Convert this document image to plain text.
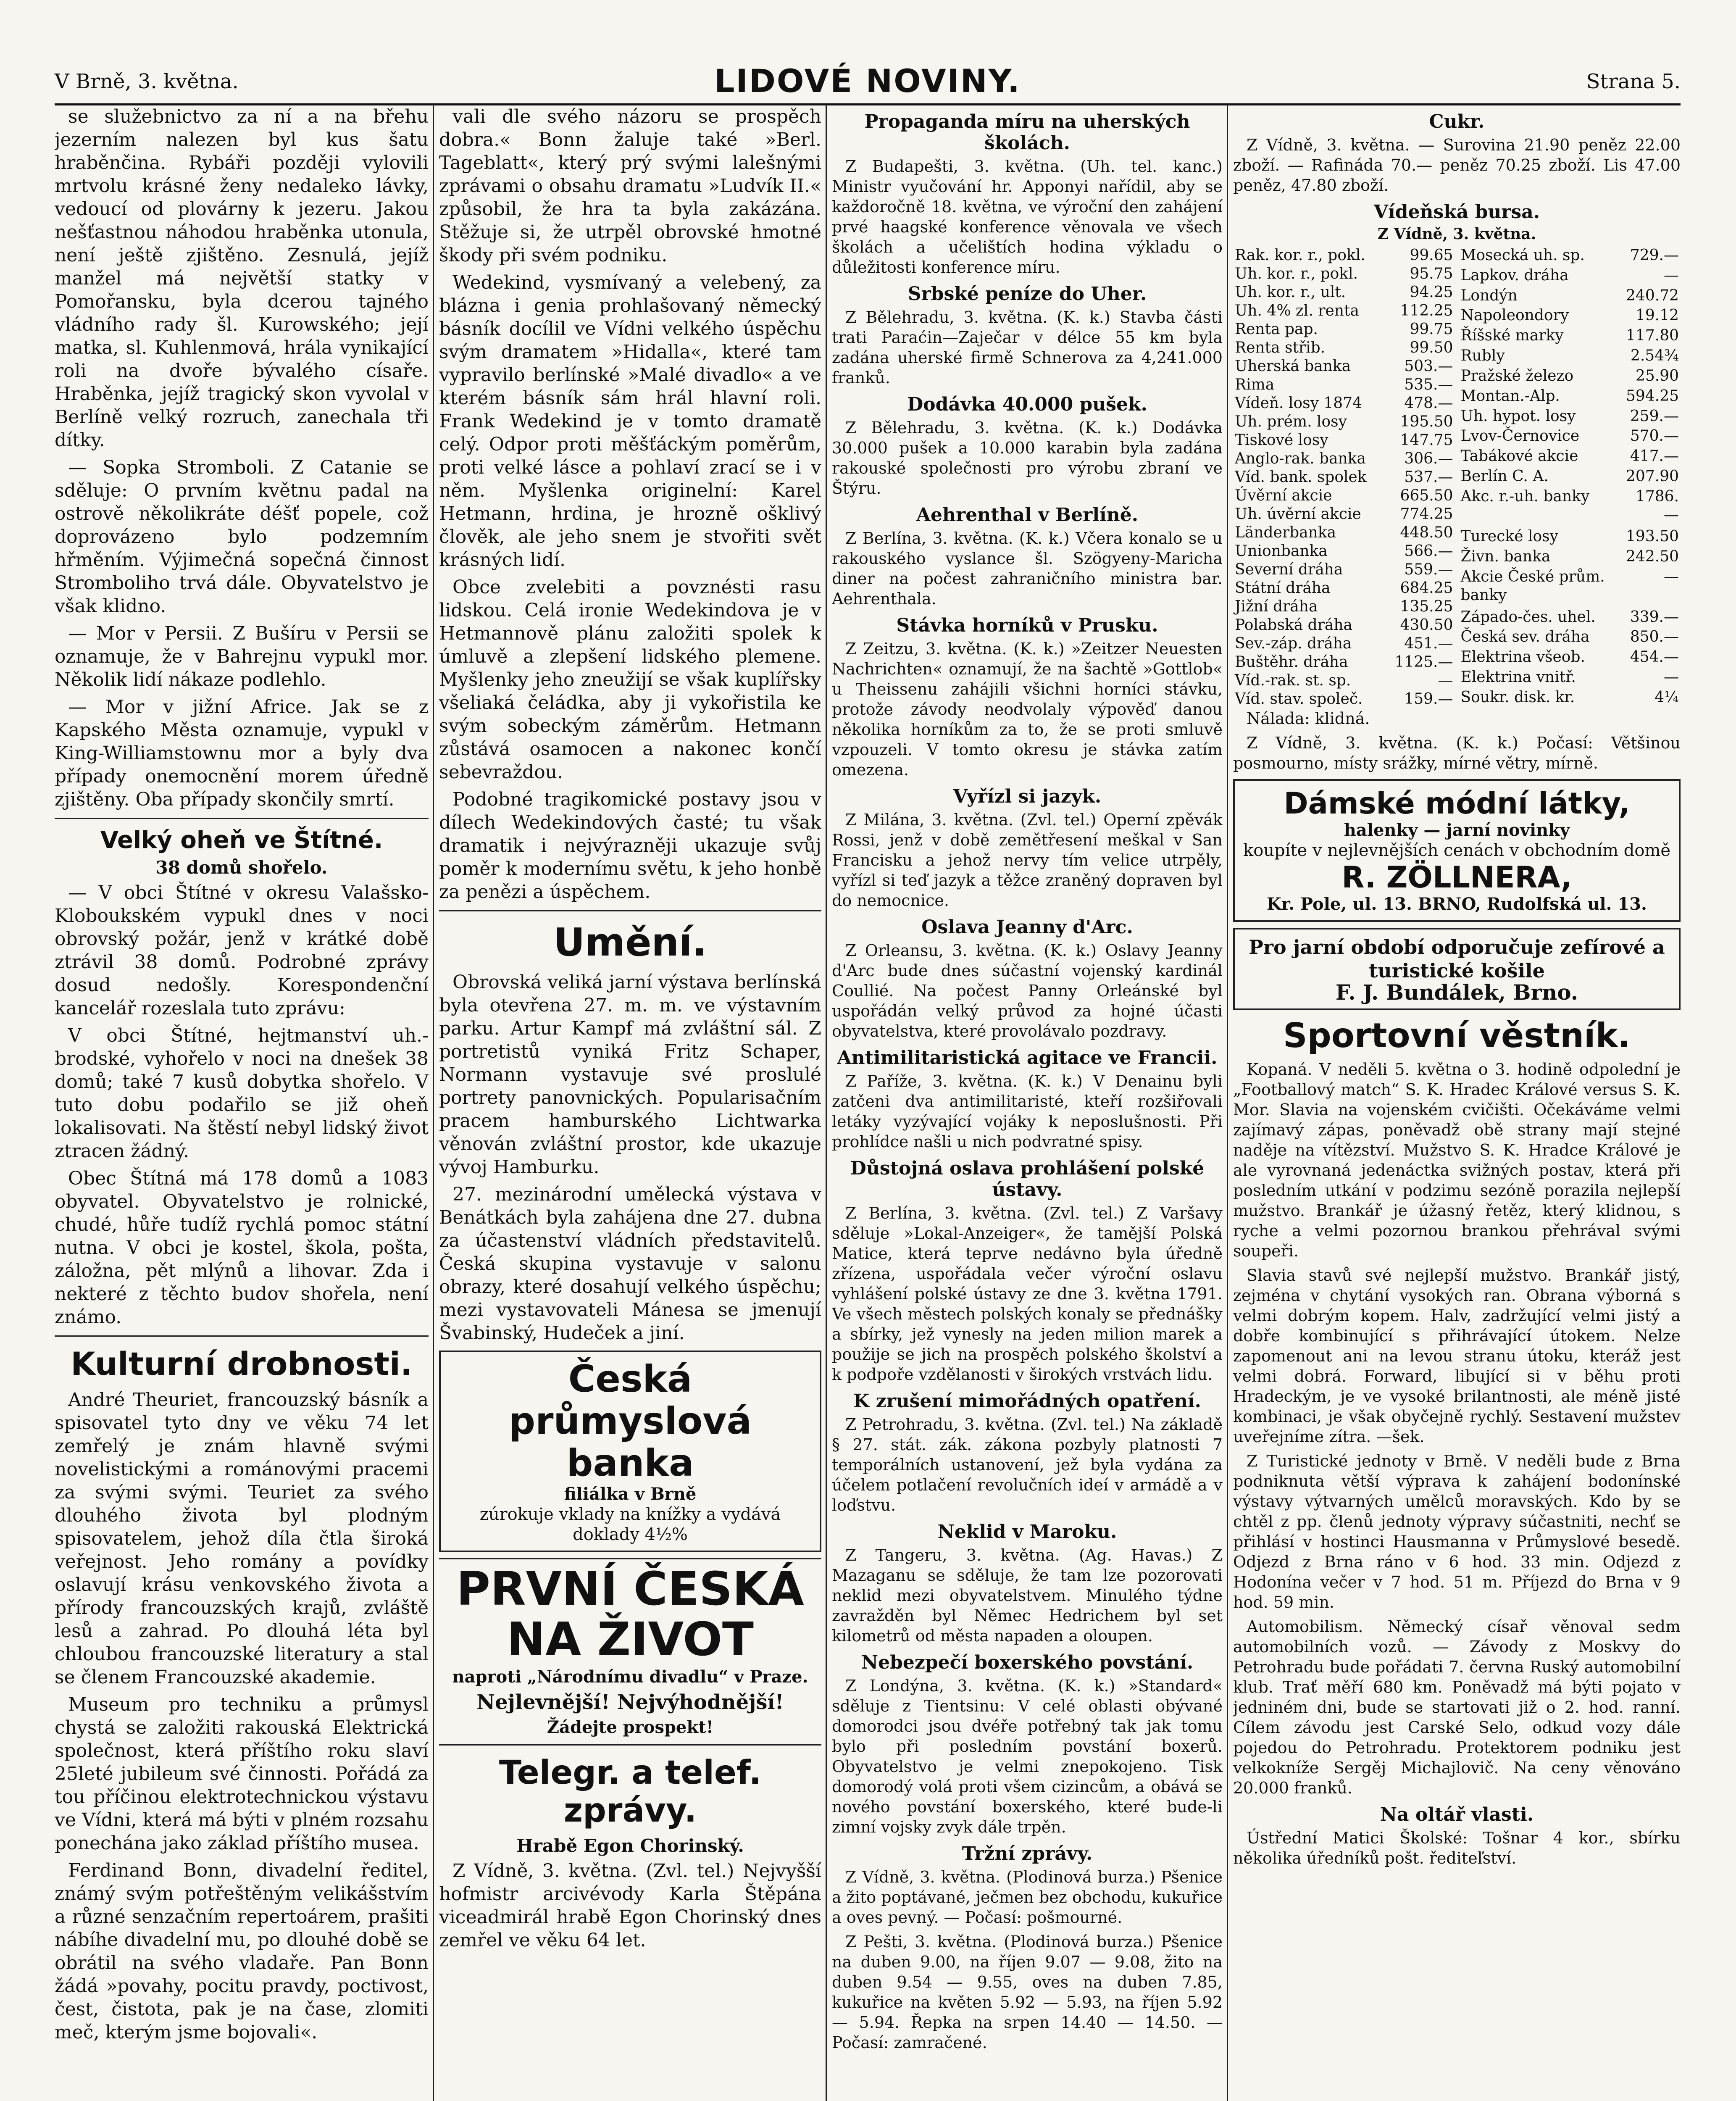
V Brně, 3. května.	LIDOVÉ NOVINY.	Strana 5.

se služebnictvo za ní a na břehu jezerním nalezen byl kus šatu hraběnčina. Rybáři později vylovili mrtvolu krásné ženy nedaleko lávky, vedoucí od plovárny k jezeru. Jakou nešťastnou náhodou hraběnka utonula, není ještě zjištěno. Zesnulá, jejíž manžel má největší statky v Pomořansku, byla dcerou tajného vládního rady šl. Kurowského; její matka, sl. Kuhlenmová, hrála vynikající roli na dvoře bývalého císaře. Hraběnka, jejíž tragický skon vyvolal v Berlíně velký rozruch, zanechala tři dítky.

— Sopka Stromboli. Z Catanie se sděluje: O prvním květnu padal na ostrově několikráte déšť popele, což doprovázeno bylo podzemním hřměním. Výjimečná sopečná činnost Stromboliho trvá dále. Obyvatelstvo je však klidno.

— Mor v Persii. Z Bušíru v Persii se oznamuje, že v Bahrejnu vypukl mor. Několik lidí nákaze podlehlo.

— Mor v jižní Africe. Jak se z Kapského Města oznamuje, vypukl v King-Williamstownu mor a byly dva případy onemocnění morem úředně zjištěny. Oba případy skončily smrtí.

Velký oheň ve Štítné.
38 domů shořelo.

— V obci Štítné v okresu Valašsko-Kloboukském vypukl dnes v noci obrovský požár, jenž v krátké době ztrávil 38 domů. Podrobné zprávy dosud nedošly. Korespondenční kancelář rozeslala tuto zprávu:

V obci Štítné, hejtmanství uh.-brodské, vyhořelo v noci na dnešek 38 domů; také 7 kusů dobytka shořelo. V tuto dobu podařilo se již oheň lokalisovati. Na štěstí nebyl lidský život ztracen žádný.

Obec Štítná má 178 domů a 1083 obyvatel. Obyvatelstvo je rolnické, chudé, hůře tudíž rychlá pomoc státní nutna. V obci je kostel, škola, pošta, záložna, pět mlýnů a lihovar. Zda i nekteré z těchto budov shořela, není známo.

Kulturní drobnosti.

André Theuriet, francouzský básník a spisovatel tyto dny ve věku 74 let zemřelý je znám hlavně svými novelistickými a románovými pracemi za svými svými. Teuriet za svého dlouhého života byl plodným spisovatelem, jehož díla čtla široká veřejnost. Jeho romány a povídky oslavují krásu venkovského života a přírody francouzských krajů, zvláště lesů a zahrad. Po dlouhá léta byl chloubou francouzské literatury a stal se členem Francouzské akademie.

Museum pro techniku a průmysl chystá se založiti rakouská Elektrická společnost, která příštího roku slaví 25leté jubileum své činnosti. Pořádá za tou příčinou elektrotechnickou výstavu ve Vídni, která má býti v plném rozsahu ponechána jako základ příštího musea.

Ferdinand Bonn, divadelní ředitel, známý svým potřeštěným velikášstvím a různé senzačním repertoárem, prašiti nábíhe divadelní mu, po dlouhé době se obrátil na svého vladaře. Pan Bonn žádá »povahy, pocitu pravdy, poctivost, čest, čistota, pak je na čase, zlomiti meč, kterým jsme bojovali«.

vali dle svého názoru se prospěch dobra.« Bonn žaluje také »Berl. Tageblatt«, který prý svými lalešnými zprávami o obsahu dramatu »Ludvík II.« způsobil, že hra ta byla zakázána. Stěžuje si, že utrpěl obrovské hmotné škody při svém podniku.

Wedekind, vysmívaný a velebený, za blázna i genia prohlašovaný německý básník docílil ve Vídni velkého úspěchu svým dramatem »Hidalla«, které tam vypravilo berlínské »Malé divadlo« a ve kterém básník sám hrál hlavní roli. Frank Wedekind je v tomto dramatě celý. Odpor proti měšťáckým poměrům, proti velké lásce a pohlaví zrací se i v něm. Myšlenka originelní: Karel Hetmann, hrdina, je hrozně ošklivý člověk, ale jeho snem je stvořiti svět krásných lidí.

Obce zvelebiti a povznésti rasu lidskou. Celá ironie Wedekindova je v Hetmannově plánu založiti spolek k úmluvě a zlepšení lidského plemene. Myšlenky jeho zneužijí se však kuplířsky všeliaká čeládka, aby ji vykořistila ke svým sobeckým záměrům. Hetmann zůstává osamocen a nakonec končí sebevraždou.

Podobné tragikomické postavy jsou v dílech Wedekindových časté; tu však dramatik i nejvýrazněji ukazuje svůj poměr k modernímu světu, k jeho honbě za penězi a úspěchem.

Umění.

Obrovská veliká jarní výstava berlínská byla otevřena 27. m. m. ve výstavním parku. Artur Kampf má zvláštní sál. Z portretistů vyniká Fritz Schaper, Normann vystavuje své proslulé portrety panovnických. Popularisačním pracem hamburského Lichtwarka věnován zvláštní prostor, kde ukazuje vývoj Hamburku.

27. mezinárodní umělecká výstava v Benátkách byla zahájena dne 27. dubna za účastenství vládních představitelů. Česká skupina vystavuje v salonu obrazy, které dosahují velkého úspěchu; mezi vystavovateli Mánesa se jmenují Švabinský, Hudeček a jiní.

Česká průmyslová banka
filiálka v Brně
zúrokuje vklady na knížky a vydává doklady 4½%
PRVNÍ ČESKÁ NA ŽIVOT
naproti „Národnímu divadlu“ v Praze.
Nejlevnější! Nejvýhodnější!
Žádejte prospekt!
Telegr. a telef. zprávy.
Hrabě Egon Chorinský.

Z Vídně, 3. května. (Zvl. tel.) Nejvyšší hofmistr arcivévody Karla Štěpána viceadmirál hrabě Egon Chorinský dnes zemřel ve věku 64 let.

Propaganda míru na uherských školách.

Z Budapešti, 3. května. (Uh. tel. kanc.) Ministr vyučování hr. Apponyi nařídil, aby se každoročně 18. května, ve výroční den zahájení prvé haagské konference věnovala ve všech školách a učelištích hodina výkladu o důležitosti konference míru.

Srbské peníze do Uher.

Z Bělehradu, 3. května. (K. k.) Stavba části trati Paraćin—Zaječar v délce 55 km byla zadána uherské firmě Schnerova za 4,241.000 franků.

Dodávka 40.000 pušek.

Z Bělehradu, 3. května. (K. k.) Dodávka 30.000 pušek a 10.000 karabin byla zadána rakouské společnosti pro výrobu zbraní ve Štýru.

Aehrenthal v Berlíně.

Z Berlína, 3. května. (K. k.) Včera konalo se u rakouského vyslance šl. Szögyeny-Maricha diner na počest zahraničního ministra bar. Aehrenthala.

Stávka horníků v Prusku.

Z Zeitzu, 3. května. (K. k.) »Zeitzer Neuesten Nachrichten« oznamují, že na šachtě »Gottlob« u Theissenu zahájili všichni horníci stávku, protože závody neodvolaly výpověď danou několika horníkům za to, že se proti smluvě vzpouzeli. V tomto okresu je stávka zatím omezena.

Vyřízl si jazyk.

Z Milána, 3. května. (Zvl. tel.) Operní zpěvák Rossi, jenž v době zemětřesení meškal v San Francisku a jehož nervy tím velice utrpěly, vyřízl si teď jazyk a těžce zraněný dopraven byl do nemocnice.

Oslava Jeanny d'Arc.

Z Orleansu, 3. května. (K. k.) Oslavy Jeanny d'Arc bude dnes súčastní vojenský kardinál Coullié. Na počest Panny Orleánské byl uspořádán velký průvod za hojné účasti obyvatelstva, které provolávalo pozdravy.

Antimilitaristická agitace ve Francii.

Z Paříže, 3. května. (K. k.) V Denainu byli zatčeni dva antimilitaristé, kteří rozšiřovali letáky vyzývající vojáky k neposlušnosti. Při prohlídce našli u nich podvratné spisy.

Důstojná oslava prohlášení polské ústavy.

Z Berlína, 3. května. (Zvl. tel.) Z Varšavy sděluje »Lokal-Anzeiger«, že tamější Polská Matice, která teprve nedávno byla úředně zřízena, uspořádala večer výroční oslavu vyhlášení polské ústavy ze dne 3. května 1791. Ve všech městech polských konaly se přednášky a sbírky, jež vynesly na jeden milion marek a použije se jich na prospěch polského školství a k podpoře vzdělanosti v širokých vrstvách lidu.

K zrušení mimořádných opatření.

Z Petrohradu, 3. května. (Zvl. tel.) Na základě § 27. stát. zák. zákona pozbyly platnosti 7 temporálních ustanovení, jež byla vydána za účelem potlačení revolučních ideí v armádě a v loďstvu.

Neklid v Maroku.

Z Tangeru, 3. května. (Ag. Havas.) Z Mazaganu se sděluje, že tam lze pozorovati neklid mezi obyvatelstvem. Minulého týdne zavražděn byl Němec Hedrichem byl set kilometrů od města napaden a oloupen.

Nebezpečí boxerského povstání.

Z Londýna, 3. května. (K. k.) »Standard« sděluje z Tientsinu: V celé oblasti obývané domorodci jsou dvéře potřebný tak jak tomu bylo při posledním povstání boxerů. Obyvatelstvo je velmi znepokojeno. Tisk domorodý volá proti všem cizincům, a obává se nového povstání boxerského, které bude-li zimní vojsky zvyk dále trpěn.

Tržní zprávy.

Z Vídně, 3. května. (Plodinová burza.) Pšenice a žito poptávané, ječmen bez obchodu, kukuřice a oves pevný. — Počasí: pošmourné.

Z Pešti, 3. května. (Plodinová burza.) Pšenice na duben 9.00, na říjen 9.07 — 9.08, žito na duben 9.54 — 9.55, oves na duben 7.85, kukuřice na květen 5.92 — 5.93, na říjen 5.92 — 5.94. Řepka na srpen 14.40 — 14.50. — Počasí: zamračené.

Cukr.

Z Vídně, 3. května. — Surovina 21.90 peněz 22.00 zboží. — Rafináda 70.— peněz 70.25 zboží. Lis 47.00 peněz, 47.80 zboží.

Vídeňská bursa.
Z Vídně, 3. května.
Rak. kor. r., pokl.	99.65
Uh. kor. r., pokl.	95.75
Uh. kor. r., ult.	94.25
Uh. 4% zl. renta	112.25
Renta pap.	99.75
Renta střib.	99.50
Uherská banka	503.—
Rima	535.—
Vídeň. losy 1874	478.—
Uh. prém. losy	195.50
Tiskové losy	147.75
Anglo-rak. banka	306.—
Víd. bank. spolek	537.—
Úvěrní akcie	665.50
Uh. úvěrní akcie	774.25
Länderbanka	448.50
Unionbanka	566.—
Severní dráha	559.—
Státní dráha	684.25
Jižní dráha	135.25
Polabská dráha	430.50
Sev.-záp. dráha	451.—
Buštěhr. dráha	1125.—
Víd.-rak. st. sp.	—
Víd. stav. společ.	159.—
Mosecká uh. sp.	729.—
Lapkov. dráha	—
Londýn	240.72
Napoleondory	19.12
Říšské marky	117.80
Rubly	2.54¾
Pražské železo	25.90
Montan.-Alp.	594.25
Uh. hypot. losy	259.—
Lvov-Černovice	570.—
Tabákové akcie	417.—
Berlín C. A.	207.90
Akc. r.-uh. banky	1786.—
Turecké losy	193.50
Živn. banka	242.50
Akcie České prům. banky	—
Západo-čes. uhel.	339.—
Česká sev. dráha	850.—
Elektrina všeob.	454.—
Elektrina vnitř.	—
Soukr. disk. kr.	4¼

Nálada: klidná.

Z Vídně, 3. května. (K. k.) Počasí: Většinou posmourno, místy srážky, mírné větry, mírně.

Dámské módní látky,
halenky — jarní novinky
koupíte v nejlevnějších cenách v obchodním domě
R. ZÖLLNERA,
Kr. Pole, ul. 13. BRNO, Rudolfská ul. 13.
Pro jarní období odporučuje zefírové a turistické košile
F. J. Bundálek, Brno.
Sportovní věstník.

Kopaná. V neděli 5. května o 3. hodině odpolední je „Footballový match“ S. K. Hradec Králové versus S. K. Mor. Slavia na vojenském cvičišti. Očekáváme velmi zajímavý zápas, poněvadž obě strany mají stejné naděje na vítězství. Mužstvo S. K. Hradce Králové je ale vyrovnaná jedenáctka svižných postav, která při posledním utkání v podzimu sezóně porazila nejlepší mužstvo. Brankář je úžasný řetěz, který klidnou, s ryche a velmi pozornou brankou přehrával svými soupeři.

Slavia stavů své nejlepší mužstvo. Brankář jistý, zejména v chytání vysokých ran. Obrana výborná s velmi dobrým kopem. Halv, zadržující velmi jistý a dobře kombinující s přihrávající útokem. Nelze zapomenout ani na levou stranu útoku, kteráž jest velmi dobrá. Forward, libující si v běhu proti Hradeckým, je ve vysoké brilantnosti, ale méně jisté kombinaci, je však obyčejně rychlý. Sestavení mužstev uveřejníme zítra. —šek.

Z Turistické jednoty v Brně. V neděli bude z Brna podniknuta větší výprava k zahájení bodonínské výstavy výtvarných umělců moravských. Kdo by se chtěl z pp. členů jednoty výpravy súčastniti, nechť se přihlásí v hostinci Hausmanna v Průmyslové besedě. Odjezd z Brna ráno v 6 hod. 33 min. Odjezd z Hodonína večer v 7 hod. 51 m. Příjezd do Brna v 9 hod. 59 min.

Automobilism. Německý císař věnoval sedm automobilních vozů. — Závody z Moskvy do Petrohradu bude pořádati 7. června Ruský automobilní klub. Trať měří 680 km. Poněvadž má býti pojato v jedniném dni, bude se startovati již o 2. hod. ranní. Cílem závodu jest Carské Selo, odkud vozy dále pojedou do Petrohradu. Protektorem podniku jest velkokníže Sergěj Michajlovič. Na ceny věnováno 20.000 franků.

Na oltář vlasti.

Ústřední Matici Školské: Tošnar 4 kor., sbírku několika úředníků pošt. řediteľství.
